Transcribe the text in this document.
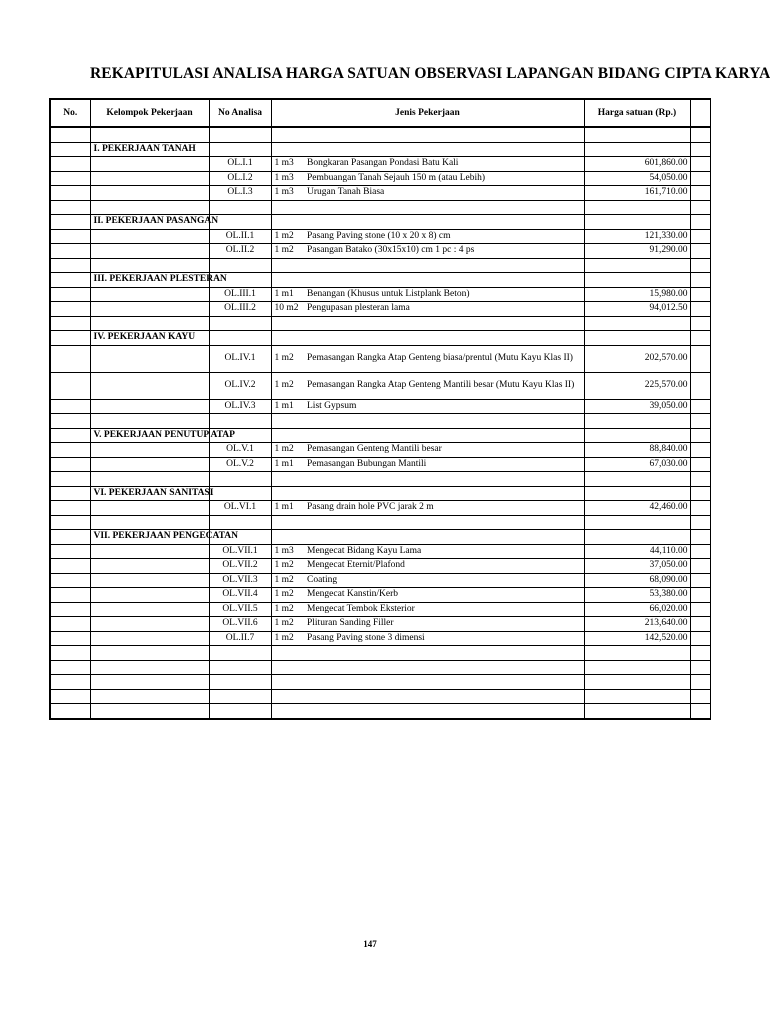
REKAPITULASI ANALISA HARGA SATUAN OBSERVASI LAPANGAN BIDANG CIPTA KARYA
No.	Kelompok Pekerjaan	No Analisa	Jenis Pekerjaan		Harga satuan (Rp.)	

	I. PEKERJAAN TANAH					
		OL.I.1	1 m3	Bongkaran Pasangan Pondasi Batu Kali	601,860.00	
		OL.I.2	1 m3	Pembuangan Tanah Sejauh 150 m (atau Lebih)	54,050.00	
		OL.I.3	1 m3	Urugan Tanah Biasa	161,710.00	

	II. PEKERJAAN PASANGAN					
		OL.II.1	1 m2	Pasang Paving stone (10 x 20 x 8) cm	121,330.00	
		OL.II.2	1 m2	Pasangan Batako (30x15x10) cm 1 pc : 4 ps	91,290.00	

	III. PEKERJAAN PLESTERAN					
		OL.III.1	1 m1	Benangan (Khusus untuk Listplank Beton)	15,980.00	
		OL.III.2	10 m2	Pengupasan plesteran lama	94,012.50	

	IV. PEKERJAAN KAYU					
		OL.IV.1	1 m2	Pemasangan Rangka Atap Genteng biasa/prentul (Mutu Kayu Klas II)	202,570.00	
		OL.IV.2	1 m2	Pemasangan Rangka Atap Genteng Mantili besar (Mutu Kayu Klas II)	225,570.00	
		OL.IV.3	1 m1	List Gypsum	39,050.00	

	V. PEKERJAAN PENUTUP ATAP					
		OL.V.1	1 m2	Pemasangan Genteng Mantili besar	88,840.00	
		OL.V.2	1 m1	Pemasangan Bubungan Mantili	67,030.00	

	VI. PEKERJAAN SANITASI					
		OL.VI.1	1 m1	Pasang drain hole PVC jarak 2 m	42,460.00	

	VII. PEKERJAAN PENGECATAN					
		OL.VII.1	1 m3	Mengecat Bidang Kayu Lama	44,110.00	
		OL.VII.2	1 m2	Mengecat Eternit/Plafond	37,050.00	
		OL.VII.3	1 m2	Coating	68,090.00	
		OL.VII.4	1 m2	Mengecat Kanstin/Kerb	53,380.00	
		OL.VII.5	1 m2	Mengecat Tembok Eksterior	66,020.00	
		OL.VII.6	1 m2	Plituran Sanding Filler	213,640.00	
		OL.II.7	1 m2	Pasang Paving stone 3 dimensi	142,520.00	

147
